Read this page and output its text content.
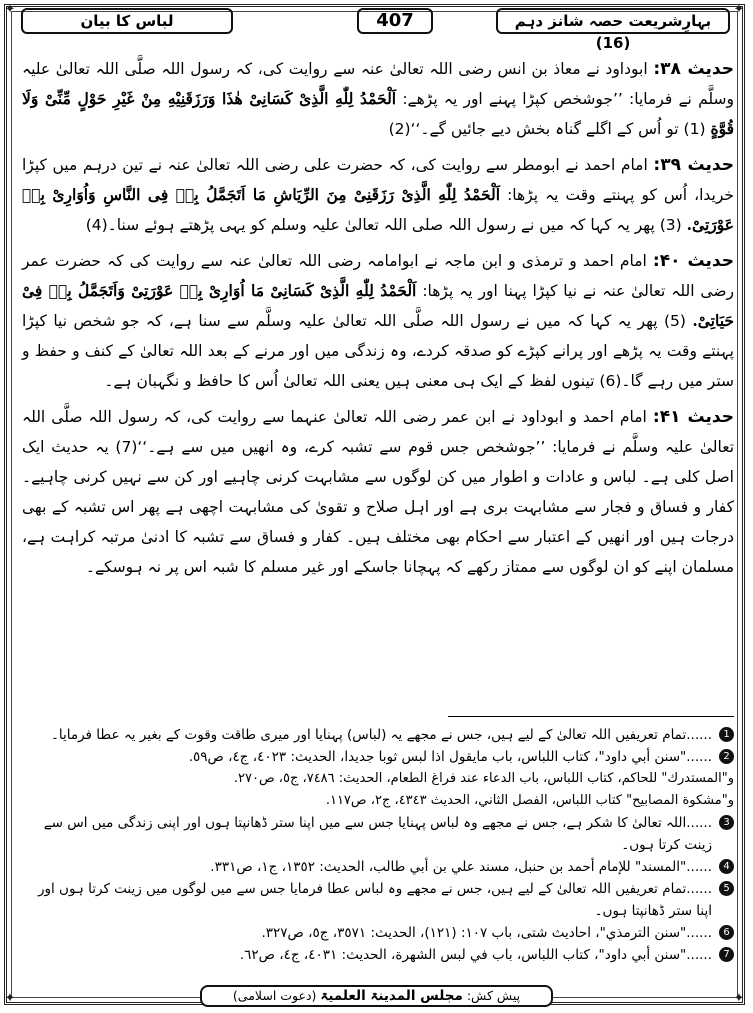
✦	✦
✦	✦
بہارِشریعت حصہ شانز دہم (16)
407
لباس کا بیان

حدیث ۳۸: ابوداود نے معاذ بن انس رضی اللہ تعالیٰ عنہ سے روایت کی، کہ رسول اللہ صلَّی اللہ تعالیٰ علیہ وسلَّم نے فرمایا: ’’جوشخص کپڑا پہنے اور یہ پڑھے: اَلْحَمْدُ لِلّٰهِ الَّذِیْ کَسَانِیْ هٰذَا وَرَزَقَنِیْهِ مِنْ غَیْرِ حَوْلٍ مِّنِّیْ وَلَا قُوَّةٍ (1) تو اُس کے اگلے گناہ بخش دیے جائیں گے۔‘‘(2)

حدیث ۳۹: امام احمد نے ابومطر سے روایت کی، کہ حضرت علی رضی اللہ تعالیٰ عنہ نے تین درہم میں کپڑا خریدا، اُس کو پہنتے وقت یہ پڑھا: اَلْحَمْدُ لِلّٰهِ الَّذِیْ رَزَقَنِیْ مِنَ الرِّیَاشِ مَا اَتَجَمَّلُ بِهٖ فِی النَّاسِ وَاُوَارِیْ بِهٖ عَوْرَتِیْ. (3) پھر یہ کہا کہ میں نے رسول اللہ صلی اللہ تعالیٰ علیہ وسلم کو یہی پڑھتے ہوئے سنا۔(4)

حدیث ۴۰: امام احمد و ترمذی و ابن ماجہ نے ابوامامہ رضی اللہ تعالیٰ عنہ سے روایت کی کہ حضرت عمر رضی اللہ تعالیٰ عنہ نے نیا کپڑا پہنا اور یہ پڑھا: اَلْحَمْدُ لِلّٰهِ الَّذِیْ کَسَانِیْ مَا اُوَارِیْ بِهٖ عَوْرَتِیْ وَاَتَجَمَّلُ بِهٖ فِیْ حَیَاتِیْ. (5) پھر یہ کہا کہ میں نے رسول اللہ صلَّی اللہ تعالیٰ علیہ وسلَّم سے سنا ہے، کہ جو شخص نیا کپڑا پہنتے وقت یہ پڑھے اور پرانے کپڑے کو صدقہ کردے، وہ زندگی میں اور مرنے کے بعد اللہ تعالیٰ کے کنف و حفظ و ستر میں رہے گا۔(6) تینوں لفظ کے ایک ہی معنی ہیں یعنی اللہ تعالیٰ اُس کا حافظ و نگہبان ہے۔

حدیث ۴۱: امام احمد و ابوداود نے ابن عمر رضی اللہ تعالیٰ عنہما سے روایت کی، کہ رسول اللہ صلَّی اللہ تعالیٰ علیہ وسلَّم نے فرمایا: ’’جوشخص جس قوم سے تشبہ کرے، وہ انھیں میں سے ہے۔‘‘(7) یہ حدیث ایک اصل کلی ہے۔ لباس و عادات و اطوار میں کن لوگوں سے مشابہت کرنی چاہیے اور کن سے نہیں کرنی چاہیے۔ کفار و فساق و فجار سے مشابہت بری ہے اور اہل صلاح و تقویٰ کی مشابہت اچھی ہے پھر اس تشبہ کے بھی درجات ہیں اور انھیں کے اعتبار سے احکام بھی مختلف ہیں۔ کفار و فساق سے تشبہ کا ادنیٰ مرتبہ کراہت ہے، مسلمان اپنے کو ان لوگوں سے ممتاز رکھے کہ پہچانا جاسکے اور غیر مسلم کا شبہ اس پر نہ ہوسکے۔

1
......تمام تعریفیں اللہ تعالیٰ کے لیے ہیں، جس نے مجھے یہ (لباس) پہنایا اور میری طاقت وقوت کے بغیر یہ عطا فرمایا۔
2
......"سنن أبي داود"، كتاب اللباس، باب مايقول اذا لبس ثوبا جديدا، الحديث: ٤٠٢٣، ج٤، ص٥٩.
و"المستدرك" للحاكم، كتاب اللباس، باب الدعاء عند فراغ الطعام، الحديث: ٧٤٨٦، ج٥، ص٢٧٠.
و"مشكوة المصابيح" كتاب اللباس، الفصل الثاني، الحديث ٤٣٤٣، ج٢، ص١١٧.
3
......اللہ تعالیٰ کا شکر ہے، جس نے مجھے وہ لباس پہنایا جس سے میں اپنا ستر ڈھانپتا ہوں اور اپنی زندگی میں اس سے زینت کرتا ہوں۔
4
......"المسند" للإمام أحمد بن حنبل، مسند علي بن أبي طالب، الحديث: ١٣٥٢، ج١، ص٣٣١.
5
......تمام تعریفیں اللہ تعالیٰ کے لیے ہیں، جس نے مجھے وہ لباس عطا فرمایا جس سے میں لوگوں میں زینت کرتا ہوں اور اپنا ستر ڈھانپتا ہوں۔
6
......"سنن الترمذي"، احاديث شتى، باب ١٠٧: (١٢١)، الحديث: ٣٥٧١، ج٥، ص٣٢٧.
7
......"سنن أبي داود"، كتاب اللباس، باب في لبس الشهرة، الحديث: ٤٠٣١، ج٤، ص٦٢.
پیش کش: مجلس المدینۃ العلمیۃ (دعوت اسلامی)
